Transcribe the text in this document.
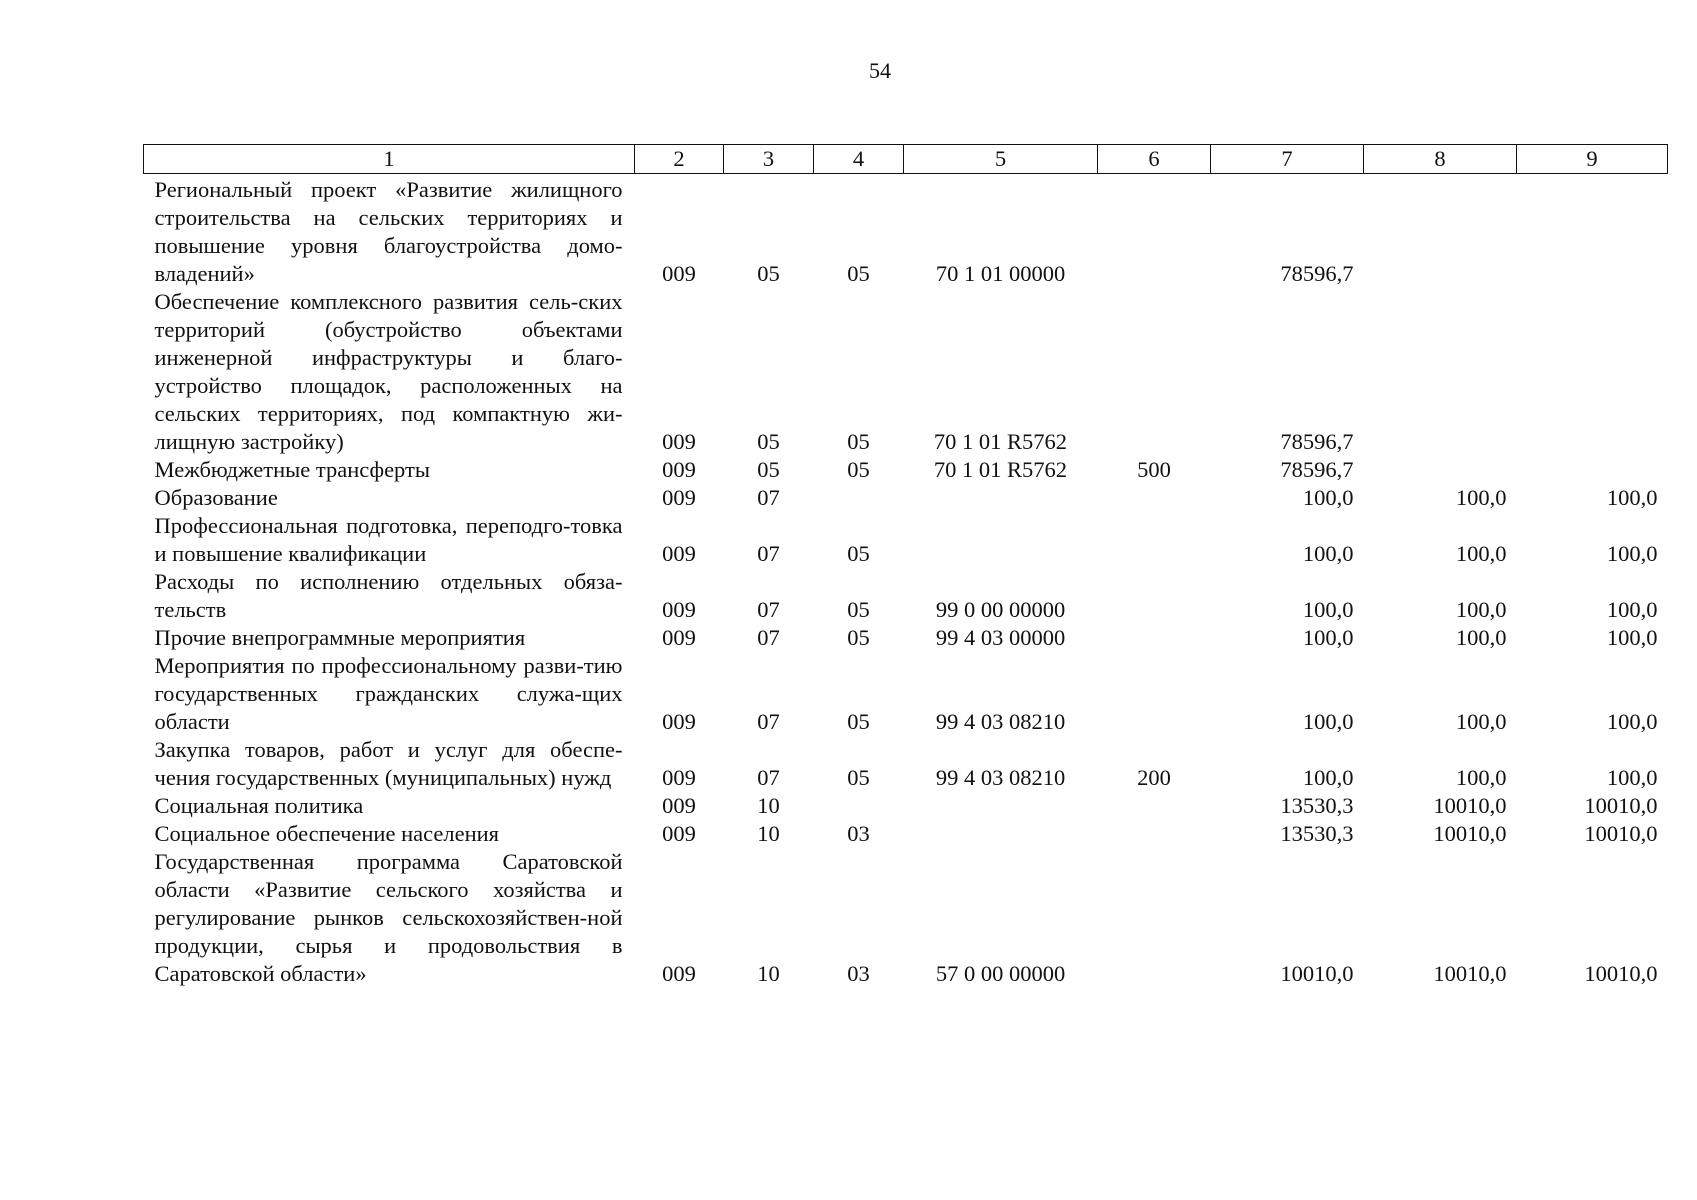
54
1	2	3	4	5	6	7	8	9
Региональный проект «Развитие жилищного строительства на сельских территориях и повышение уровня благоустройства домо-владений»	009	05	05	70 1 01 00000		78596,7		
Обеспечение комплексного развития сель-ских территорий (обустройство объектами инженерной инфраструктуры и благо-устройство площадок, расположенных на сельских территориях, под компактную жи-лищную застройку)	009	05	05	70 1 01 R5762		78596,7		
Межбюджетные трансферты	009	05	05	70 1 01 R5762	500	78596,7		
Образование	009	07				100,0	100,0	100,0
Профессиональная подготовка, переподго-товка и повышение квалификации	009	07	05			100,0	100,0	100,0
Расходы по исполнению отдельных обяза-тельств	009	07	05	99 0 00 00000		100,0	100,0	100,0
Прочие внепрограммные мероприятия	009	07	05	99 4 03 00000		100,0	100,0	100,0
Мероприятия по профессиональному разви-тию государственных гражданских служа-щих области	009	07	05	99 4 03 08210		100,0	100,0	100,0
Закупка товаров, работ и услуг для обеспе-чения государственных (муниципальных) нужд	009	07	05	99 4 03 08210	200	100,0	100,0	100,0
Социальная политика	009	10				13530,3	10010,0	10010,0
Социальное обеспечение населения	009	10	03			13530,3	10010,0	10010,0
Государственная программа Саратовской области «Развитие сельского хозяйства и регулирование рынков сельскохозяйствен-ной продукции, сырья и продовольствия в Саратовской области»	009	10	03	57 0 00 00000		10010,0	10010,0	10010,0
